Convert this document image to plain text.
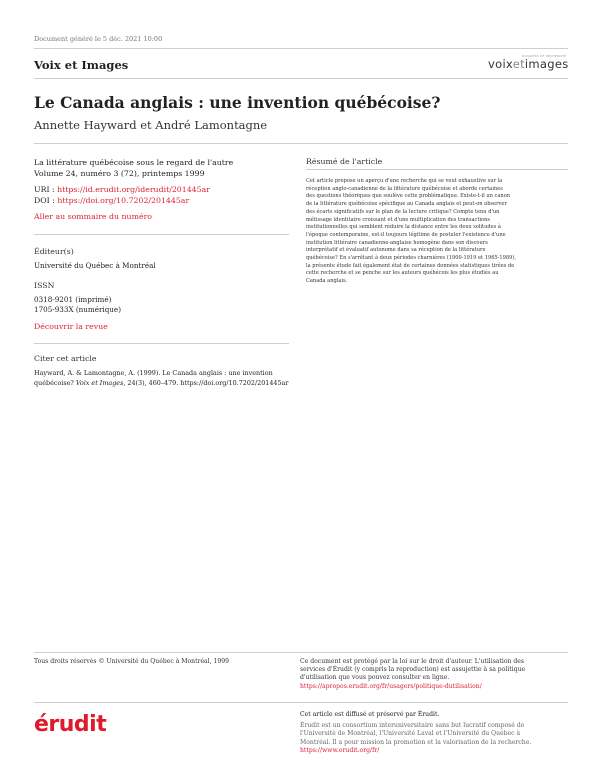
Document généré le 5 déc. 2021 10:00
Voix et Images
DOSSIERS DE RECHERCHE
voixetimages
Le Canada anglais : une invention québécoise?
Annette Hayward et André Lamontagne
La littérature québécoise sous le regard de l'autre
Volume 24, numéro 3 (72), printemps 1999
URI : https://id.erudit.org/iderudit/201445ar
DOI : https://doi.org/10.7202/201445ar
Aller au sommaire du numéro
Éditeur(s)
Université du Québec à Montréal
ISSN
0318-9201 (imprimé)
1705-933X (numérique)
Découvrir la revue
Citer cet article
Hayward, A. & Lamontagne, A. (1999). Le Canada anglais : une invention
québécoise? Voix et Images, 24(3), 460–479. https://doi.org/10.7202/201445ar
Résumé de l'article
Cet article propose un aperçu d'une recherche qui se veut exhaustive sur la
réception anglo-canadienne de la littérature québécoise et aborde certaines
des questions théoriques que soulève cette problématique. Existe-t-il un canon
de la littérature québécoise spécifique au Canada anglais et peut-on observer
des écarts significatifs sur le plan de la lecture critique? Compte tenu d'un
métissage identitaire croissant et d'une multiplication des transactions
institutionnelles qui semblent réduire la distance entre les deux solitudes à
l'époque contemporaine, est-il toujours légitime de postuler l'existence d'une
institution littéraire canadienne-anglaise homogène dans son discours
interprétatif et évaluatif autonome dans sa réception de la littérature
québécoise? En s'arrêtant à deux périodes charnières (1900-1919 et 1965-1989),
la présente étude fait également état de certaines données statistiques tirées de
cette recherche et se penche sur les auteurs québécois les plus étudiés au
Canada anglais.
Tous droits réservés © Université du Québec à Montréal, 1999	Ce document est protégé par la loi sur le droit d'auteur. L'utilisation des
services d'Érudit (y compris la reproduction) est assujettie à sa politique
d'utilisation que vous pouvez consulter en ligne.
https://apropos.erudit.org/fr/usagers/politique-dutilisation/
érudit	Cet article est diffusé et préservé par Érudit.
Érudit est un consortium interuniversitaire sans but lucratif composé de
l'Université de Montréal, l'Université Laval et l'Université du Québec à
Montréal. Il a pour mission la promotion et la valorisation de la recherche.
https://www.erudit.org/fr/
